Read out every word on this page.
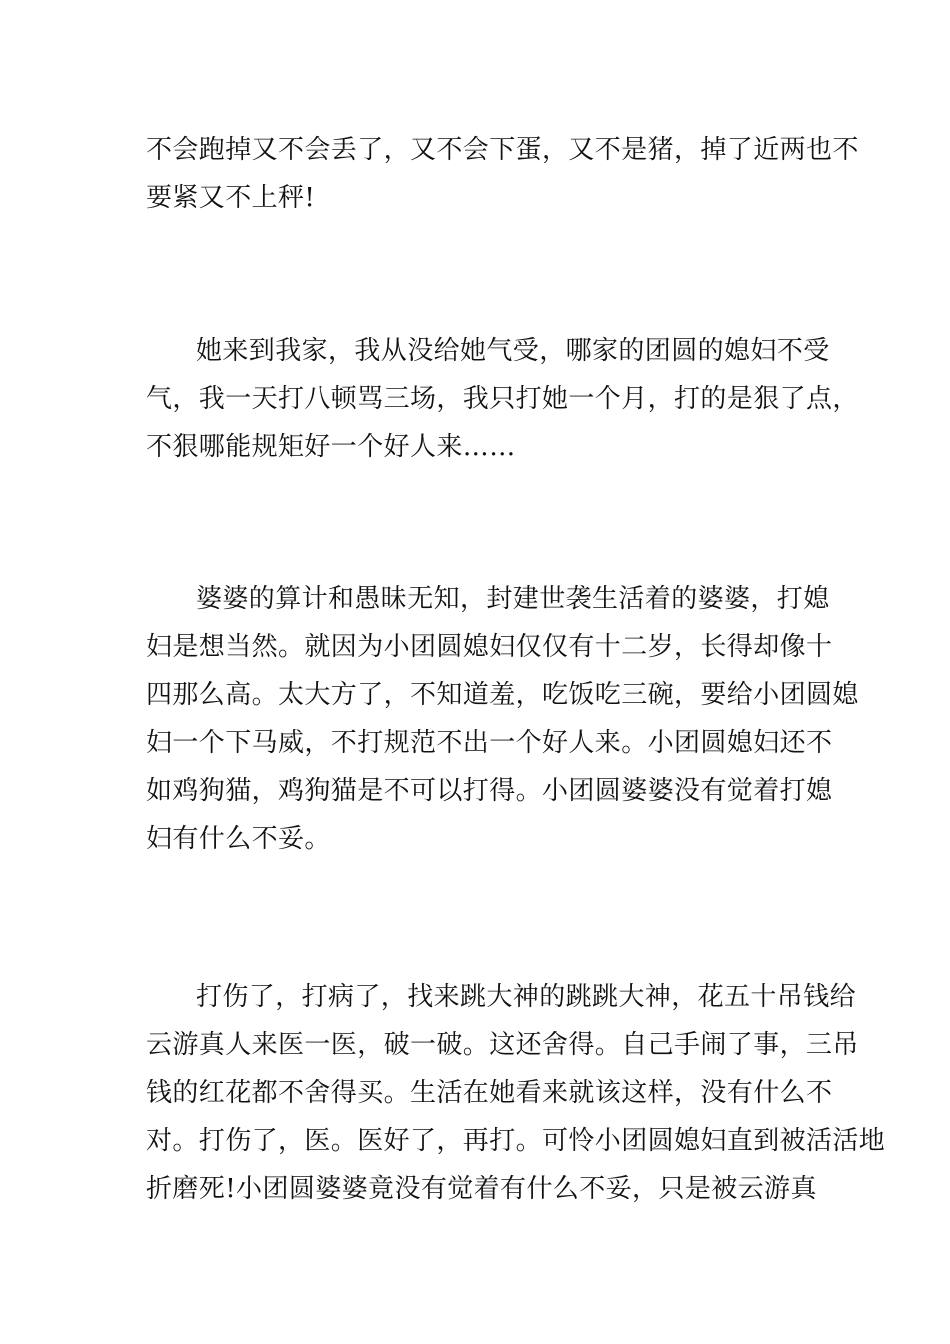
不会跑掉又不会丢了，又不会下蛋，又不是猪，掉了近两也不
要紧又不上秤!
她来到我家，我从没给她气受，哪家的团圆的媳妇不受
气，我一天打八顿骂三场，我只打她一个月，打的是狠了点，
不狠哪能规矩好一个好人来……
婆婆的算计和愚昧无知，封建世袭生活着的婆婆，打媳
妇是想当然。就因为小团圆媳妇仅仅有十二岁，长得却像十
四那么高。太大方了，不知道羞，吃饭吃三碗，要给小团圆媳
妇一个下马威，不打规范不出一个好人来。小团圆媳妇还不
如鸡狗猫，鸡狗猫是不可以打得。小团圆婆婆没有觉着打媳
妇有什么不妥。
打伤了，打病了，找来跳大神的跳跳大神，花五十吊钱给
云游真人来医一医，破一破。这还舍得。自己手闹了事，三吊
钱的红花都不舍得买。生活在她看来就该这样，没有什么不
对。打伤了，医。医好了，再打。可怜小团圆媳妇直到被活活地
折磨死!小团圆婆婆竟没有觉着有什么不妥，只是被云游真
